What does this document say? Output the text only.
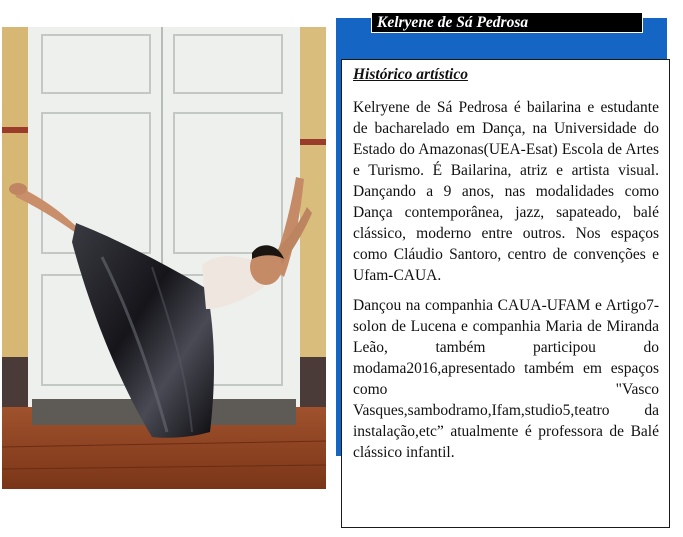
Kelryene de Sá Pedrosa
Histórico artístico

Kelryene de Sá Pedrosa é bailarina e estudante de bacharelado em Dança, na Universidade do Estado do Amazonas(UEA-Esat) Escola de Artes e Turismo. É Bailarina, atriz e artista visual. Dançando a 9 anos, nas modalidades como Dança contemporânea, jazz, sapateado, balé clássico, moderno entre outros. Nos espaços como Cláudio Santoro, centro de convenções e Ufam-CAUA.

Dançou na companhia CAUA-UFAM e Artigo7-solon de Lucena e companhia Maria de Miranda Leão, também participou do modama2016,apresentado também em espaços como "Vasco Vasques,sambodramo,Ifam,studio5,teatro da instalação,etc” atualmente é professora de Balé clássico infantil.
